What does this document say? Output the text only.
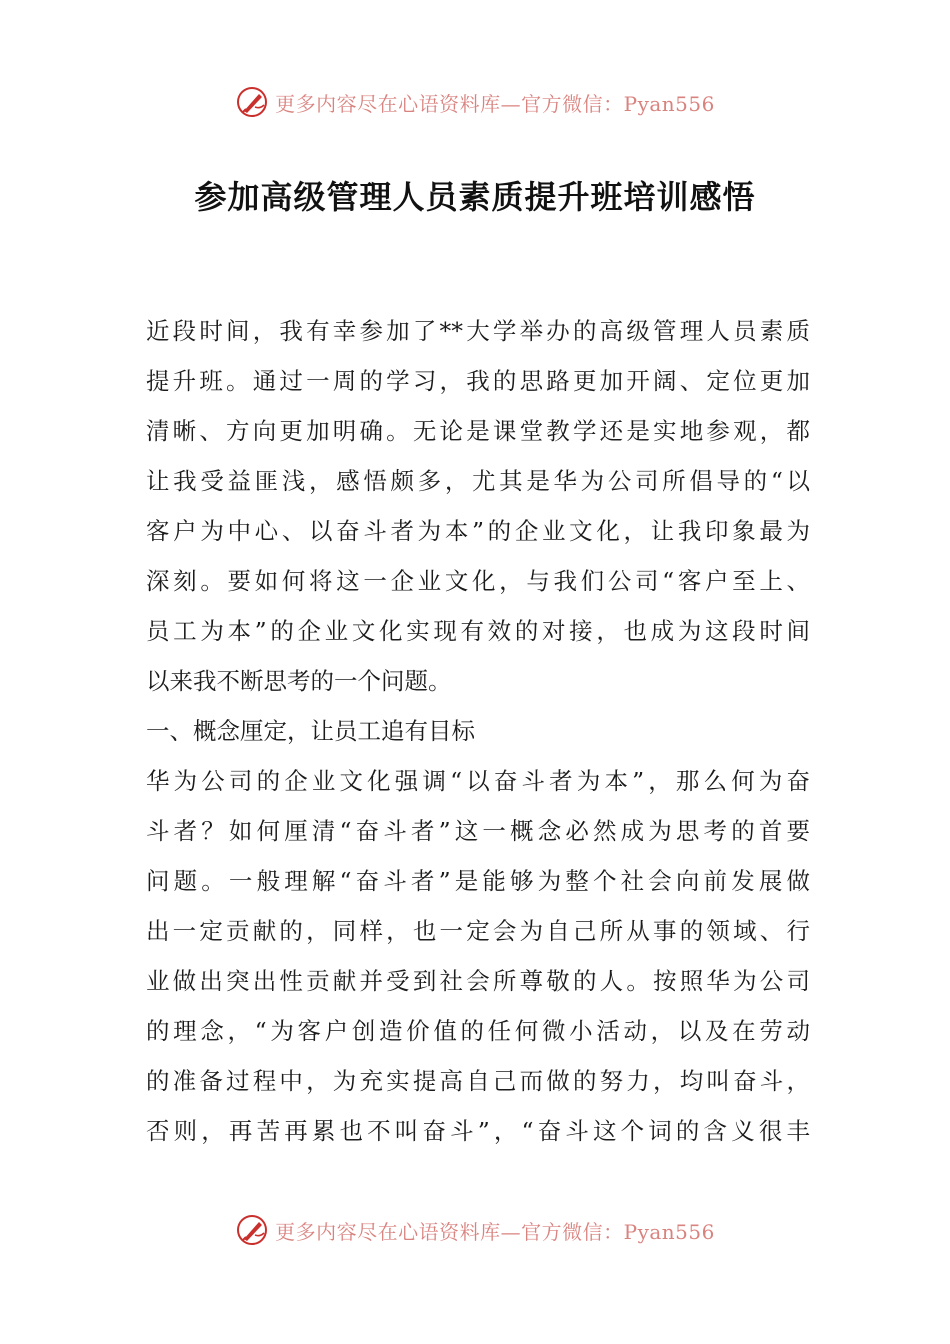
更多内容尽在心语资料库—官方微信：Pyan556
参加高级管理人员素质提升班培训感悟
近段时间，我有幸参加了**大学举办的高级管理人员素质
提升班。通过一周的学习，我的思路更加开阔、定位更加
清晰、方向更加明确。无论是课堂教学还是实地参观，都
让我受益匪浅，感悟颇多，尤其是华为公司所倡导的“以
客户为中心、以奋斗者为本”的企业文化，让我印象最为
深刻。要如何将这一企业文化，与我们公司“客户至上、
员工为本”的企业文化实现有效的对接，也成为这段时间
以来我不断思考的一个问题。
一、概念厘定，让员工追有目标
华为公司的企业文化强调“以奋斗者为本”，那么何为奋
斗者？如何厘清“奋斗者”这一概念必然成为思考的首要
问题。一般理解“奋斗者”是能够为整个社会向前发展做
出一定贡献的，同样，也一定会为自己所从事的领域、行
业做出突出性贡献并受到社会所尊敬的人。按照华为公司
的理念，“为客户创造价值的任何微小活动，以及在劳动
的准备过程中，为充实提高自己而做的努力，均叫奋斗，
否则，再苦再累也不叫奋斗”，“奋斗这个词的含义很丰
更多内容尽在心语资料库—官方微信：Pyan556
